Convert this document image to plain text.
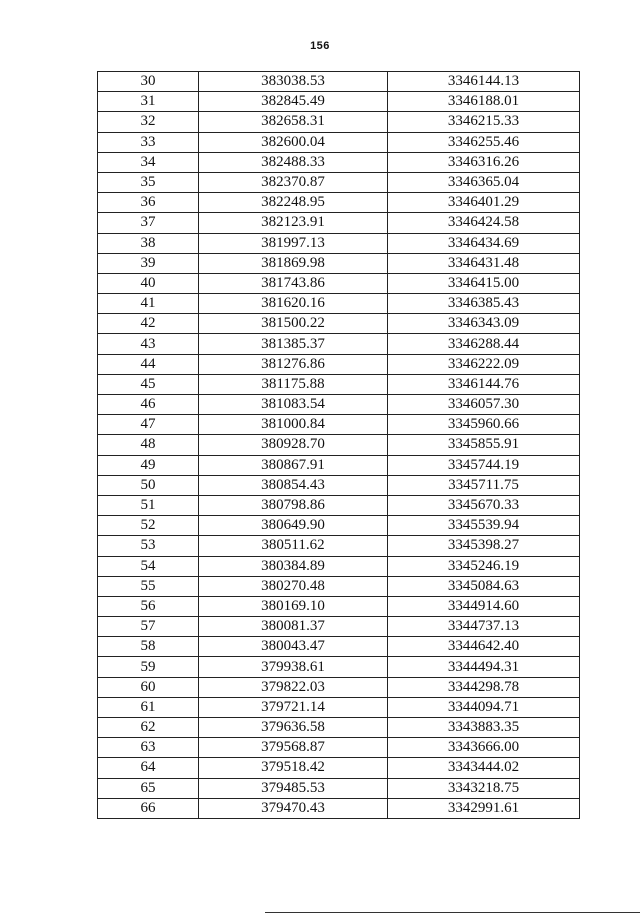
156
30	383038.53	3346144.13
31	382845.49	3346188.01
32	382658.31	3346215.33
33	382600.04	3346255.46
34	382488.33	3346316.26
35	382370.87	3346365.04
36	382248.95	3346401.29
37	382123.91	3346424.58
38	381997.13	3346434.69
39	381869.98	3346431.48
40	381743.86	3346415.00
41	381620.16	3346385.43
42	381500.22	3346343.09
43	381385.37	3346288.44
44	381276.86	3346222.09
45	381175.88	3346144.76
46	381083.54	3346057.30
47	381000.84	3345960.66
48	380928.70	3345855.91
49	380867.91	3345744.19
50	380854.43	3345711.75
51	380798.86	3345670.33
52	380649.90	3345539.94
53	380511.62	3345398.27
54	380384.89	3345246.19
55	380270.48	3345084.63
56	380169.10	3344914.60
57	380081.37	3344737.13
58	380043.47	3344642.40
59	379938.61	3344494.31
60	379822.03	3344298.78
61	379721.14	3344094.71
62	379636.58	3343883.35
63	379568.87	3343666.00
64	379518.42	3343444.02
65	379485.53	3343218.75
66	379470.43	3342991.61
